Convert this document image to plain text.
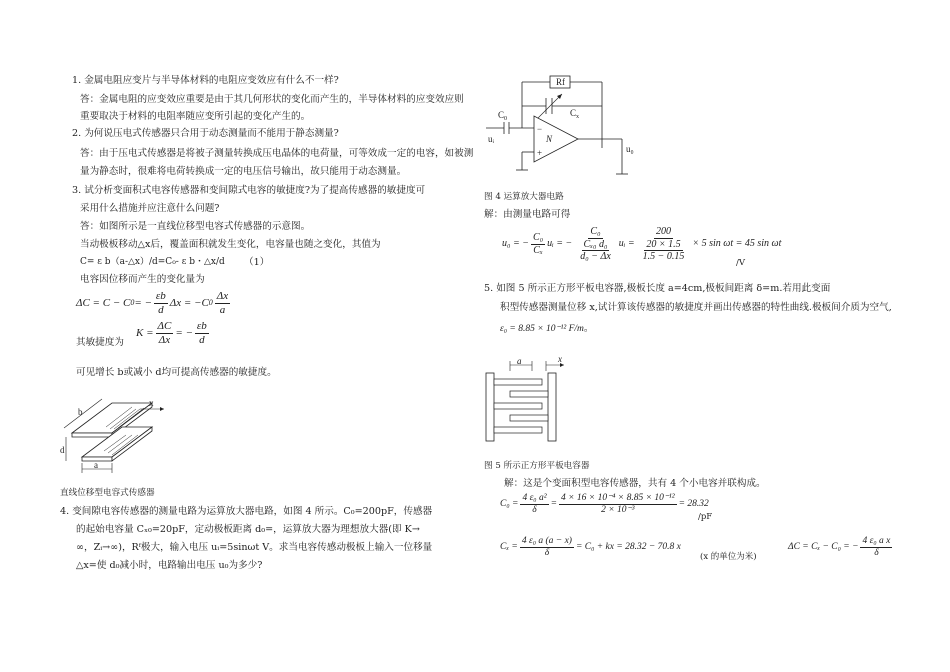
1. 金属电阻应变片与半导体材料的电阻应变效应有什么不一样?
答：金属电阻的应变效应重要是由于其几何形状的变化而产生的，半导体材料的应变效应则
重要取决于材料的电阻率随应变所引起的变化产生的。
2. 为何说压电式传感器只合用于动态测量而不能用于静态测量?
答：由于压电式传感器是将被子测量转换成压电晶体的电荷量，可等效成一定的电容，如被测
量为静态时，很难将电荷转换成一定的电压信号输出，故只能用于动态测量。
3. 试分析变面积式电容传感器和变间隙式电容的敏捷度?为了提高传感器的敏捷度可
采用什么措施并应注意什么问题?
答：如图所示是一直线位移型电容式传感器的示意图。
当动极板移动△x后，覆盖面积就发生变化，电容量也随之变化，其值为
C= ε b（a-△x）/d=C₀- ε b・△x/d （1）
电容因位移而产生的变化量为
ΔC = C − C 0 = − $\frac{\varepsilon b}{d}$ Δx = −C $0 \frac{\Delta x}{a}$
$K = \frac{\Delta C}{\Delta x}$ = − $\frac{\varepsilon b}{d}$
其敏捷度为
可见增长 b或减小 d均可提高传感器的敏捷度。
b
x
d
a
直线位移型电容式传感器
4. 变间隙电容传感器的测量电路为运算放大器电路，如图 4 所示。C₀=200pF，传感器
的起始电容量 Cₓ₀=20pF，定动极板距离 d₀=，运算放大器为理想放大器(即 K→
∞，Zᵢ→∞)，Rᶠ极大，输入电压 uᵢ=5sinωt V。求当电容传感动极板上输入一位移量
△x=使 d₀减小时，电路输出电压 u₀为多少?
Rf
$C_x$
$C_0$
uᵢ	N
−
+	u₀
图 4 运算放大器电路
解：由测量电路可得
u₀ = − $\frac{\text{C₀}}{\text{Cₓ}}$ uᵢ = − $\frac{\text{C₀}}{\frac{\text{Cₓ₀ d₀}}{\text{d₀ − Δx}}}$ uᵢ = $\frac{200}{\frac{20 \times 1.5}{1.5 - 0.15}} \times 5$ sin ωt = 45 sin ωt
/V
5. 如图 5 所示正方形平板电容器,极板长度 a=4cm,极板间距离 δ=m.若用此变面
积型传感器测量位移 x,试计算该传感器的敏捷度并画出传感器的特性曲线.极板间介质为空气,
ε₀ = 8.85 × 10⁻¹² F/m。
a	x
图 5 所示正方形平板电容器
解：这是个变面积型电容传感器，共有 4 个小电容并联构成。
$C_0 = \frac{\text{4 ε₀ a²}}{\delta} = \frac{\text{4 × 16 × 10⁻⁴ × 8.85 × 10⁻¹²}}{\text{2 × 10⁻³}} = 28.32$
/pF
$C_x = \frac{\text{4 ε₀ a (a − x)}}{\delta} = C_0$ + kx = 28.32 − 70.8 x
(x 的单位为米)
ΔC = Cₓ − C₀ = − $\frac{\text{4 ε₀ a x}}{\delta}$
